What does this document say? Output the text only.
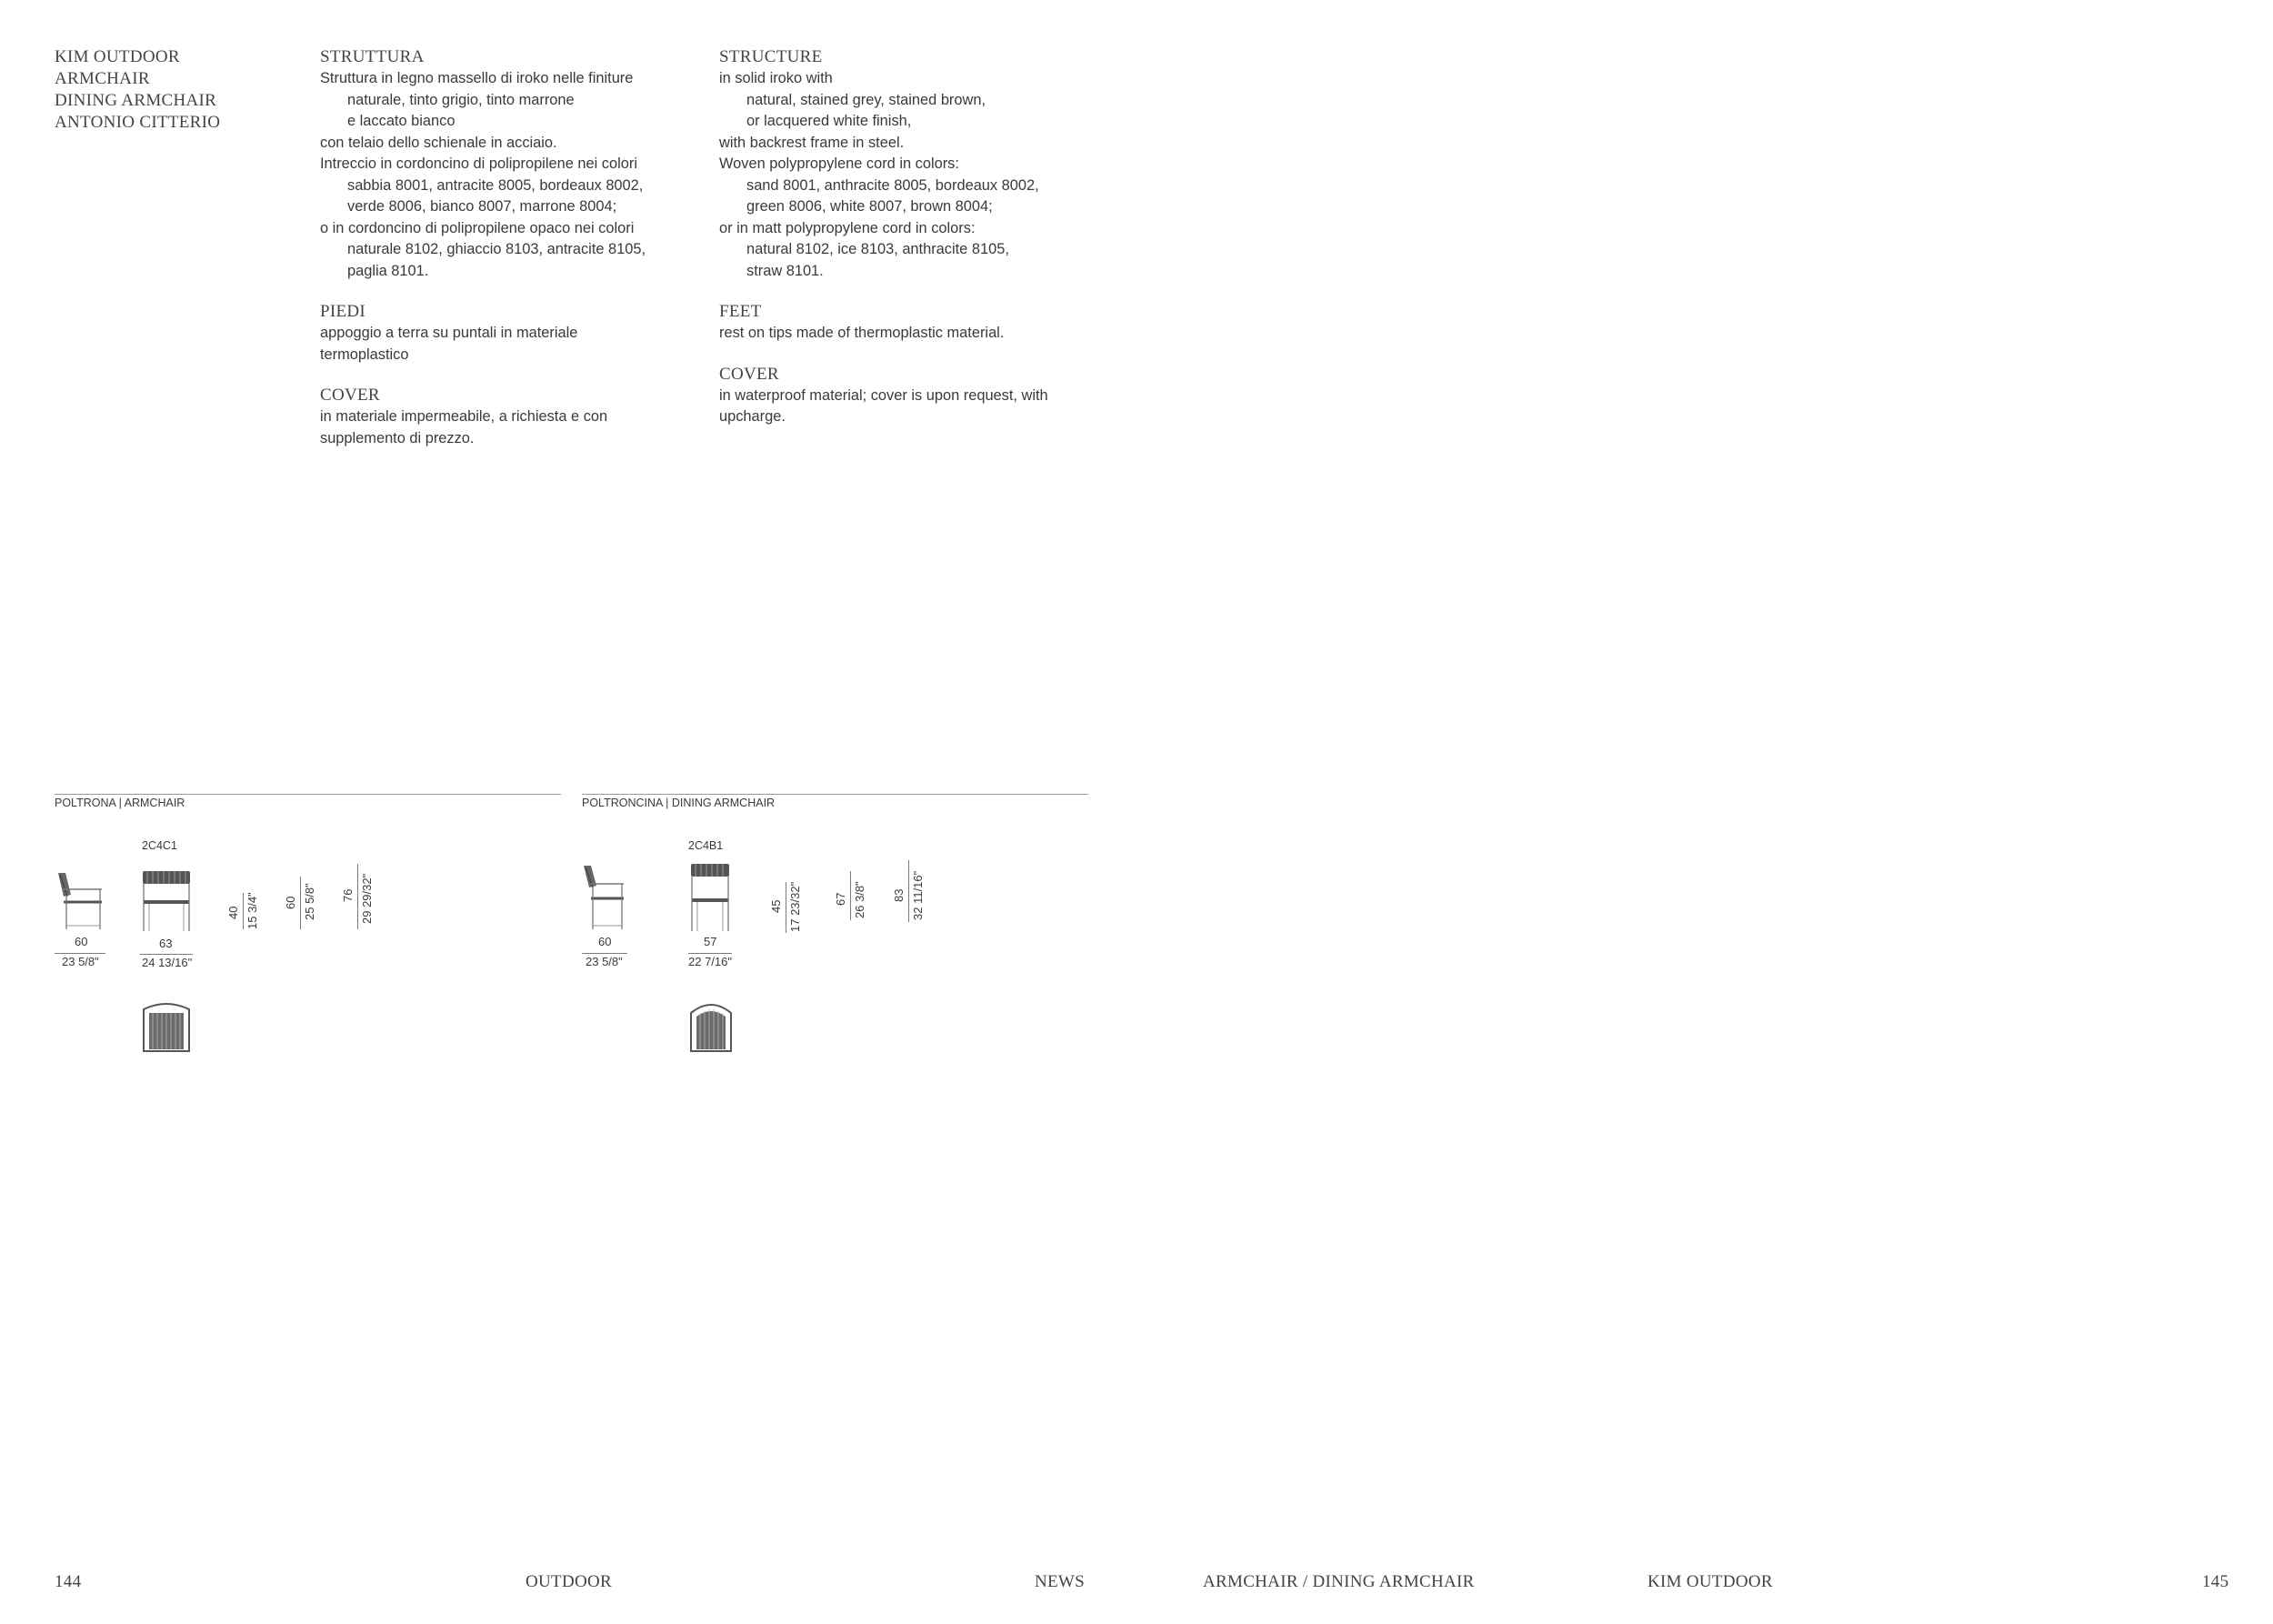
KIM OUTDOOR
ARMCHAIR
DINING ARMCHAIR
ANTONIO CITTERIO
STRUTTURA
Struttura in legno massello di iroko nelle finiture
naturale, tinto grigio, tinto marrone
e laccato bianco
con telaio dello schienale in acciaio.
Intreccio in cordoncino di polipropilene nei colori
sabbia 8001, antracite 8005, bordeaux 8002,
verde 8006, bianco 8007, marrone 8004;
o in cordoncino di polipropilene opaco nei colori
naturale 8102, ghiaccio 8103, antracite 8105,
paglia 8101.
PIEDI
appoggio a terra su puntali in materiale
termoplastico
COVER
in materiale impermeabile, a richiesta e con
supplemento di prezzo.
STRUCTURE
in solid iroko with
natural, stained grey, stained brown,
or lacquered white finish,
with backrest frame in steel.
Woven polypropylene cord in colors:
sand 8001, anthracite 8005, bordeaux 8002,
green 8006, white 8007, brown 8004;
or in matt polypropylene cord in colors:
natural 8102, ice 8103, anthracite 8105,
straw 8101.
FEET
rest on tips made of thermoplastic material.
COVER
in waterproof material; cover is upon request, with
upcharge.
POLTRONA | ARMCHAIR
2C4C1
60
23 5/8"
63
24 13/16"
40 15 3/4" 60 25 5/8" 76 29 29/32"
POLTRONCINA | DINING ARMCHAIR
2C4B1
60
23 5/8"
57
22 7/16"
45 17 23/32"	67 26 3/8" 83 32 11/16"
144	OUTDOOR	NEWS	ARMCHAIR / DINING ARMCHAIR	KIM OUTDOOR	145
